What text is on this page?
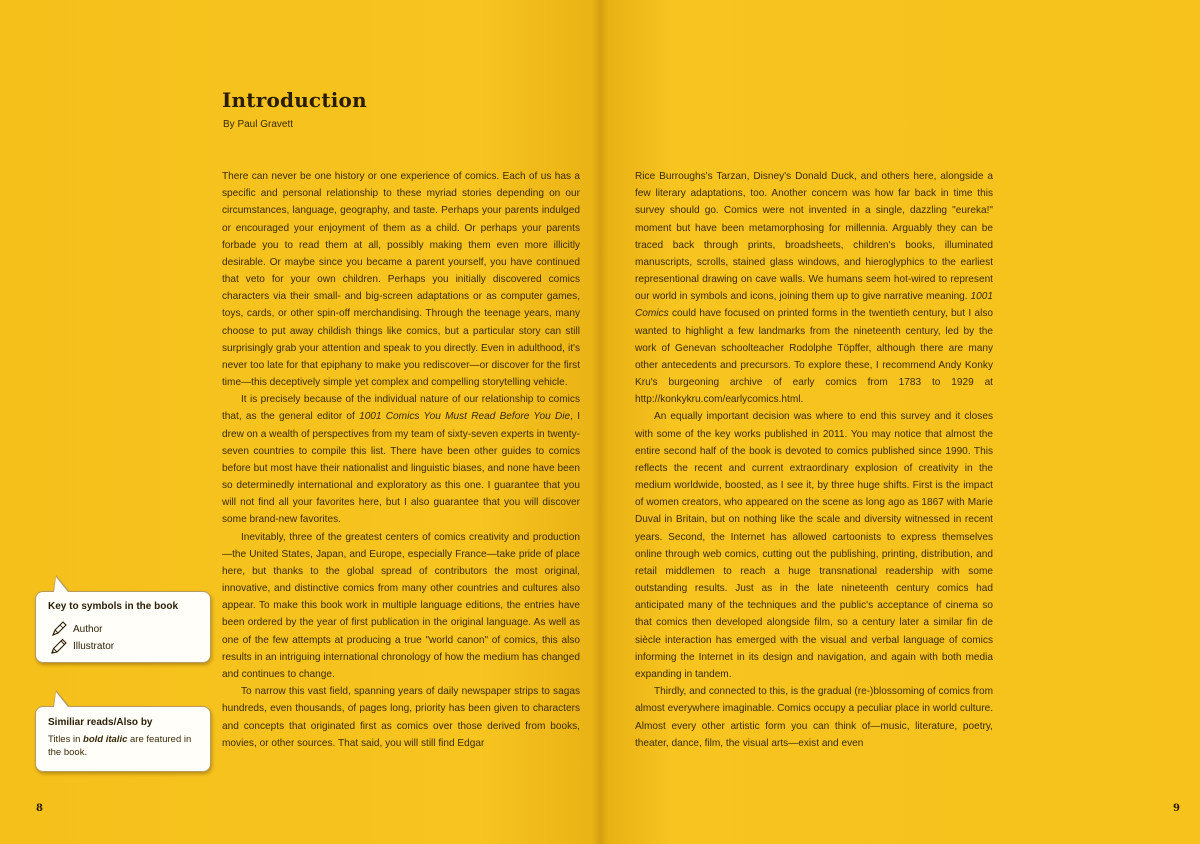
Introduction
By Paul Gravett

There can never be one history or one experience of comics. Each of us has a specific and personal relationship to these myriad stories depending on our circumstances, language, geography, and taste. Perhaps your parents indulged or encouraged your enjoyment of them as a child. Or perhaps your parents forbade you to read them at all, possibly making them even more illicitly desirable. Or maybe since you became a parent yourself, you have continued that veto for your own children. Perhaps you initially discovered comics characters via their small- and big-screen adaptations or as computer games, toys, cards, or other spin-off merchandising. Through the teenage years, many choose to put away childish things like comics, but a particular story can still surprisingly grab your attention and speak to you directly. Even in adulthood, it's never too late for that epiphany to make you rediscover—or discover for the first time—this deceptively simple yet complex and compelling storytelling vehicle.

It is precisely because of the individual nature of our relationship to comics that, as the general editor of 1001 Comics You Must Read Before You Die, I drew on a wealth of perspectives from my team of sixty-seven experts in twenty-seven countries to compile this list. There have been other guides to comics before but most have their nationalist and linguistic biases, and none have been so determinedly international and exploratory as this one. I guarantee that you will not find all your favorites here, but I also guarantee that you will discover some brand-new favorites.

Inevitably, three of the greatest centers of comics creativity and production—the United States, Japan, and Europe, especially France—take pride of place here, but thanks to the global spread of contributors the most original, innovative, and distinctive comics from many other countries and cultures also appear. To make this book work in multiple language editions, the entries have been ordered by the year of first publication in the original language. As well as one of the few attempts at producing a true "world canon" of comics, this also results in an intriguing international chronology of how the medium has changed and continues to change.

To narrow this vast field, spanning years of daily newspaper strips to sagas hundreds, even thousands, of pages long, priority has been given to characters and concepts that originated first as comics over those derived from books, movies, or other sources. That said, you will still find Edgar

Rice Burroughs's Tarzan, Disney's Donald Duck, and others here, alongside a few literary adaptations, too. Another concern was how far back in time this survey should go. Comics were not invented in a single, dazzling "eureka!" moment but have been metamorphosing for millennia. Arguably they can be traced back through prints, broadsheets, children's books, illuminated manuscripts, scrolls, stained glass windows, and hieroglyphics to the earliest representional drawing on cave walls. We humans seem hot-wired to represent our world in symbols and icons, joining them up to give narrative meaning. 1001 Comics could have focused on printed forms in the twentieth century, but I also wanted to highlight a few landmarks from the nineteenth century, led by the work of Genevan schoolteacher Rodolphe Töpffer, although there are many other antecedents and precursors. To explore these, I recommend Andy Konky Kru's burgeoning archive of early comics from 1783 to 1929 at http://konkykru.com/earlycomics.html.

An equally important decision was where to end this survey and it closes with some of the key works published in 2011. You may notice that almost the entire second half of the book is devoted to comics published since 1990. This reflects the recent and current extraordinary explosion of creativity in the medium worldwide, boosted, as I see it, by three huge shifts. First is the impact of women creators, who appeared on the scene as long ago as 1867 with Marie Duval in Britain, but on nothing like the scale and diversity witnessed in recent years. Second, the Internet has allowed cartoonists to express themselves online through web comics, cutting out the publishing, printing, distribution, and retail middlemen to reach a huge transnational readership with some outstanding results. Just as in the late nineteenth century comics had anticipated many of the techniques and the public's acceptance of cinema so that comics then developed alongside film, so a century later a similar fin de siècle interaction has emerged with the visual and verbal language of comics informing the Internet in its design and navigation, and again with both media expanding in tandem.

Thirdly, and connected to this, is the gradual (re-)blossoming of comics from almost everywhere imaginable. Comics occupy a peculiar place in world culture. Almost every other artistic form you can think of—music, literature, poetry, theater, dance, film, the visual arts—exist and even

Key to symbols in the book
Author
Illustrator
Similiar reads/Also by
Titles in bold italic are featured in the book.
8	9
